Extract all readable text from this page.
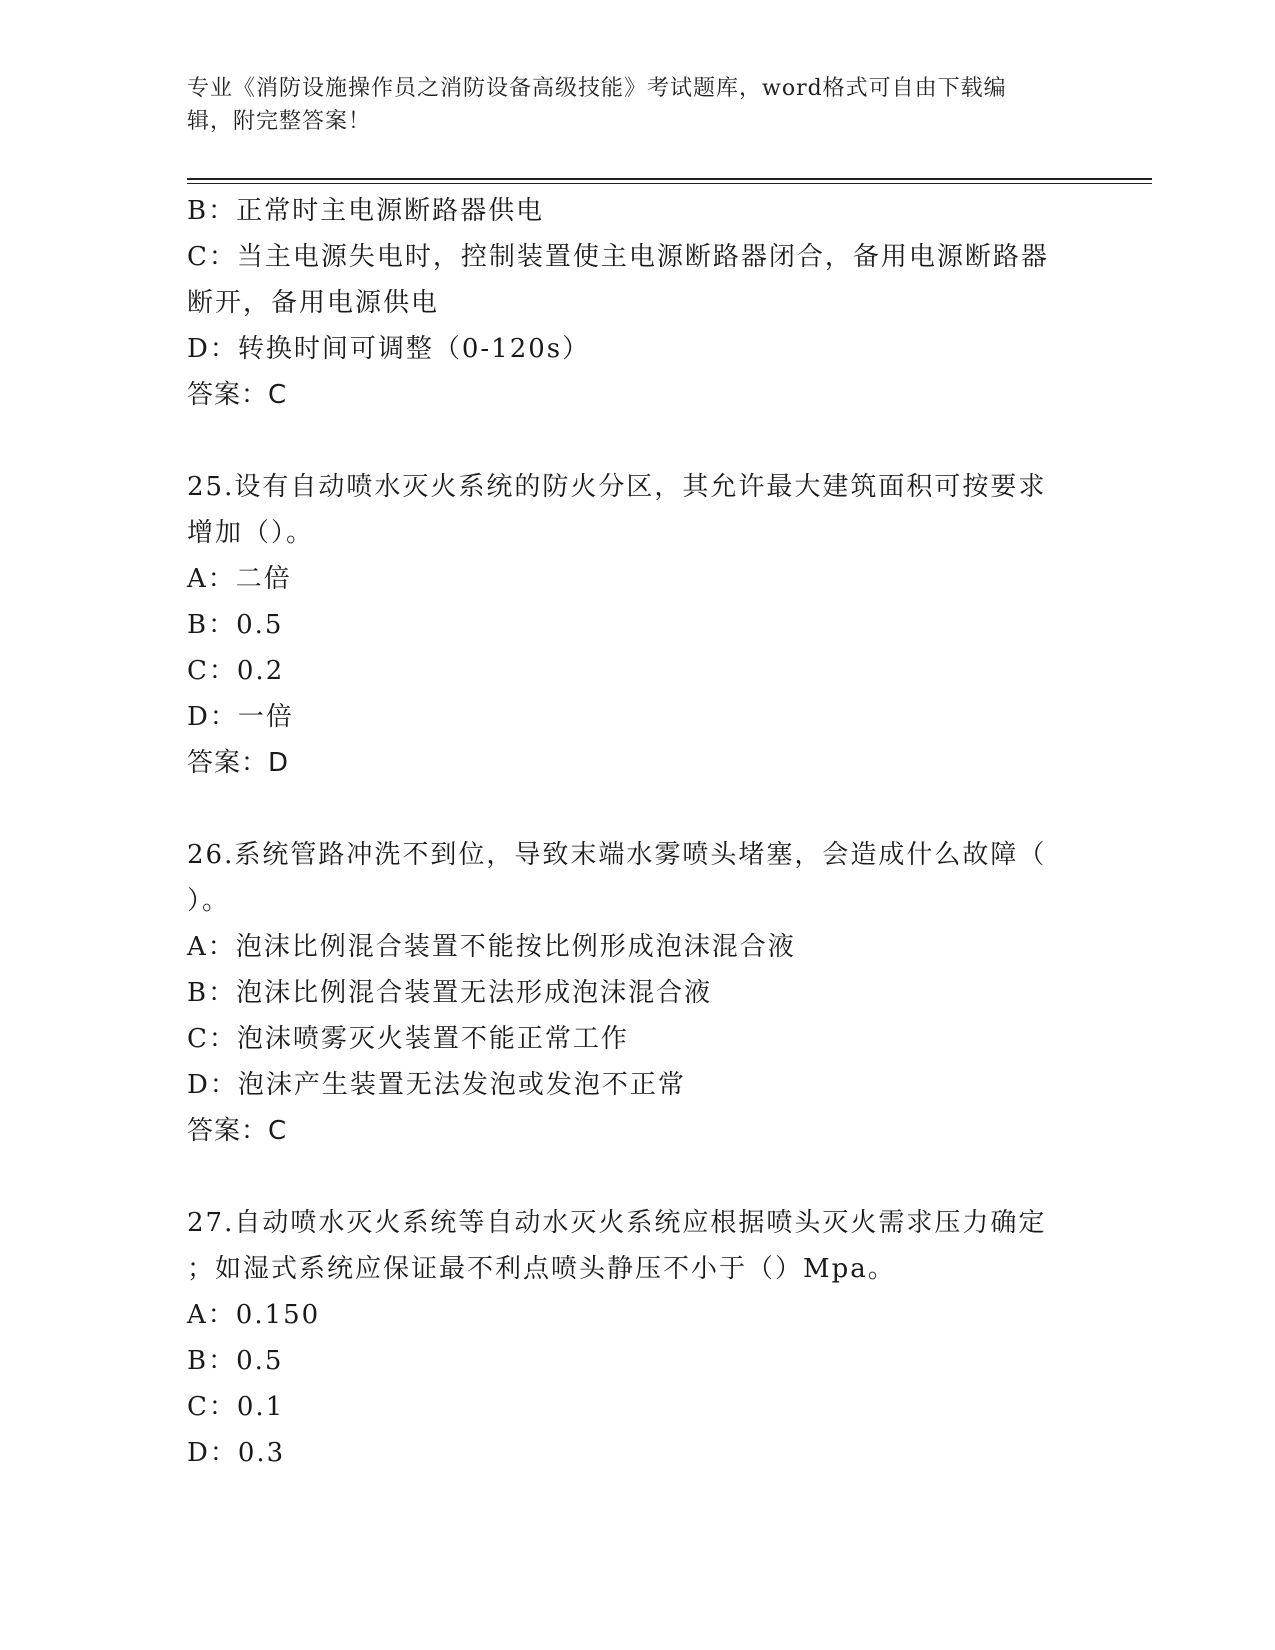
专业《消防设施操作员之消防设备高级技能》考试题库，word格式可自由下载编
辑，附完整答案！
B：正常时主电源断路器供电
C：当主电源失电时，控制装置使主电源断路器闭合，备用电源断路器
断开，备用电源供电
D：转换时间可调整（0-120s）
答案：C
25.设有自动喷水灭火系统的防火分区，其允许最大建筑面积可按要求
增加（）。
A：二倍
B：0.5
C：0.2
D：一倍
答案：D
26.系统管路冲洗不到位，导致末端水雾喷头堵塞，会造成什么故障（
）。
A：泡沫比例混合装置不能按比例形成泡沫混合液
B：泡沫比例混合装置无法形成泡沫混合液
C：泡沫喷雾灭火装置不能正常工作
D：泡沫产生装置无法发泡或发泡不正常
答案：C
27.自动喷水灭火系统等自动水灭火系统应根据喷头灭火需求压力确定
；如湿式系统应保证最不利点喷头静压不小于（）Mpa。
A：0.150
B：0.5
C：0.1
D：0.3
